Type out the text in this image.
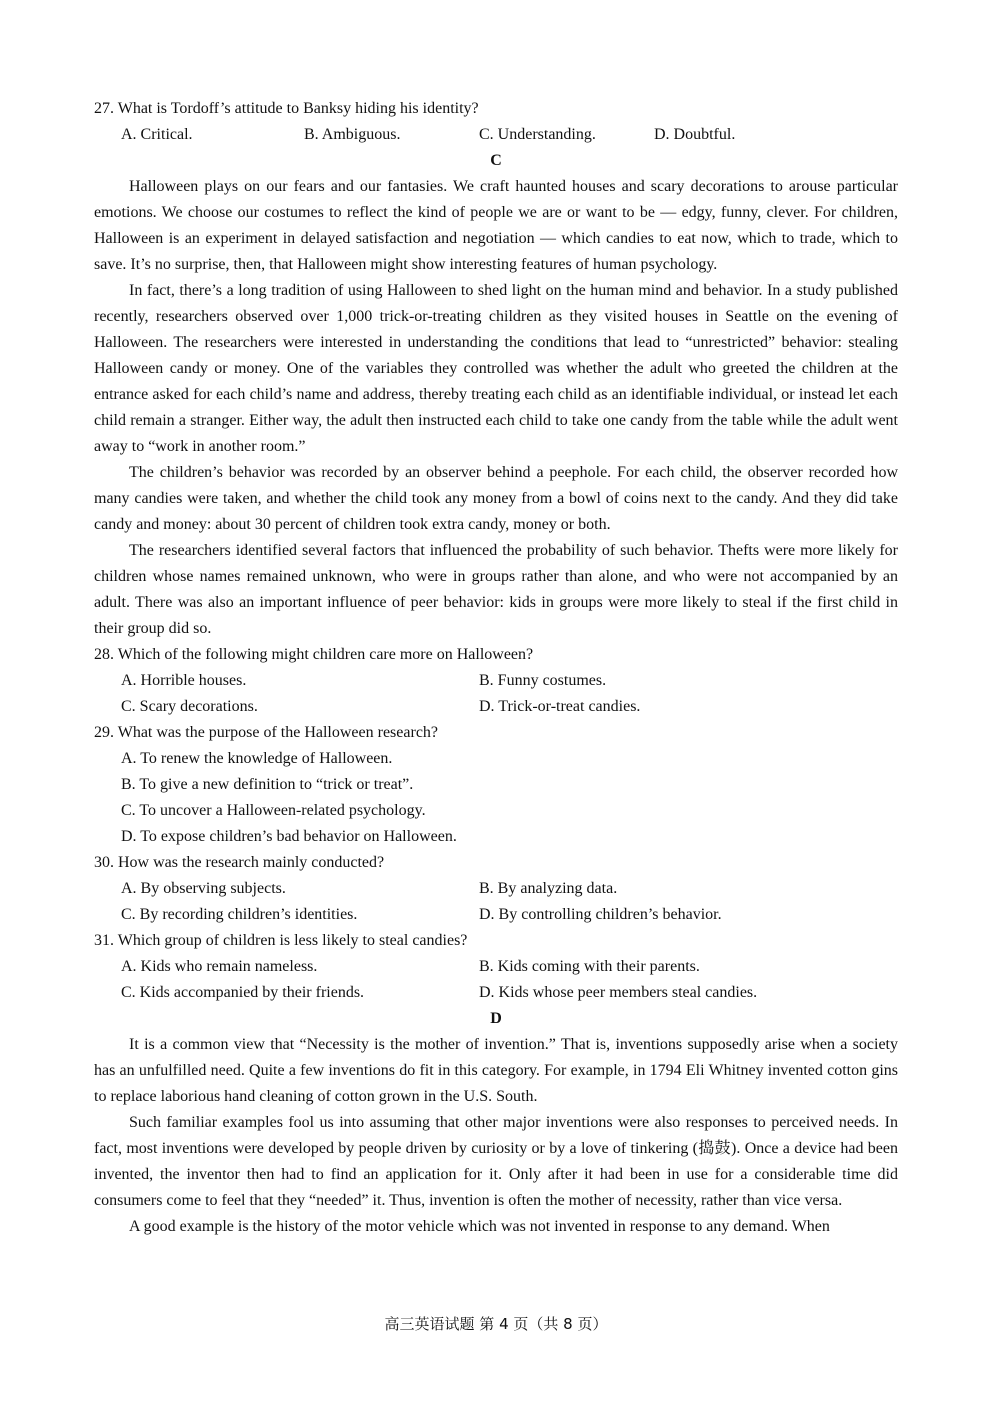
27. What is Tordoff’s attitude to Banksy hiding his identity?
A. Critical.	B. Ambiguous.	C. Understanding.	D. Doubtful.
C

Halloween plays on our fears and our fantasies. We craft haunted houses and scary decorations to arouse particular emotions. We choose our costumes to reflect the kind of people we are or want to be — edgy, funny, clever. For children, Halloween is an experiment in delayed satisfaction and negotiation — which candies to eat now, which to trade, which to save. It’s no surprise, then, that Halloween might show interesting features of human psychology.

In fact, there’s a long tradition of using Halloween to shed light on the human mind and behavior. In a study published recently, researchers observed over 1,000 trick-or-treating children as they visited houses in Seattle on the evening of Halloween. The researchers were interested in understanding the conditions that lead to “unrestricted” behavior: stealing Halloween candy or money. One of the variables they controlled was whether the adult who greeted the children at the entrance asked for each child’s name and address, thereby treating each child as an identifiable individual, or instead let each child remain a stranger. Either way, the adult then instructed each child to take one candy from the table while the adult went away to “work in another room.”

The children’s behavior was recorded by an observer behind a peephole. For each child, the observer recorded how many candies were taken, and whether the child took any money from a bowl of coins next to the candy. And they did take candy and money: about 30 percent of children took extra candy, money or both.

The researchers identified several factors that influenced the probability of such behavior. Thefts were more likely for children whose names remained unknown, who were in groups rather than alone, and who were not accompanied by an adult. There was also an important influence of peer behavior: kids in groups were more likely to steal if the first child in their group did so.

28. Which of the following might children care more on Halloween?
A. Horrible houses.	B. Funny costumes.
C. Scary decorations.	D. Trick-or-treat candies.
29. What was the purpose of the Halloween research?
A. To renew the knowledge of Halloween.
B. To give a new definition to “trick or treat”.
C. To uncover a Halloween-related psychology.
D. To expose children’s bad behavior on Halloween.
30. How was the research mainly conducted?
A. By observing subjects.	B. By analyzing data.
C. By recording children’s identities.	D. By controlling children’s behavior.
31. Which group of children is less likely to steal candies?
A. Kids who remain nameless.	B. Kids coming with their parents.
C. Kids accompanied by their friends.	D. Kids whose peer members steal candies.
D

It is a common view that “Necessity is the mother of invention.” That is, inventions supposedly arise when a society has an unfulfilled need. Quite a few inventions do fit in this category. For example, in 1794 Eli Whitney invented cotton gins to replace laborious hand cleaning of cotton grown in the U.S. South.

Such familiar examples fool us into assuming that other major inventions were also responses to perceived needs. In fact, most inventions were developed by people driven by curiosity or by a love of tinkering (捣鼓). Once a device had been invented, the inventor then had to find an application for it. Only after it had been in use for a considerable time did consumers come to feel that they “needed” it. Thus, invention is often the mother of necessity, rather than vice versa.

A good example is the history of the motor vehicle which was not invented in response to any demand. When

高三英语试题 第 4 页（共 8 页）
